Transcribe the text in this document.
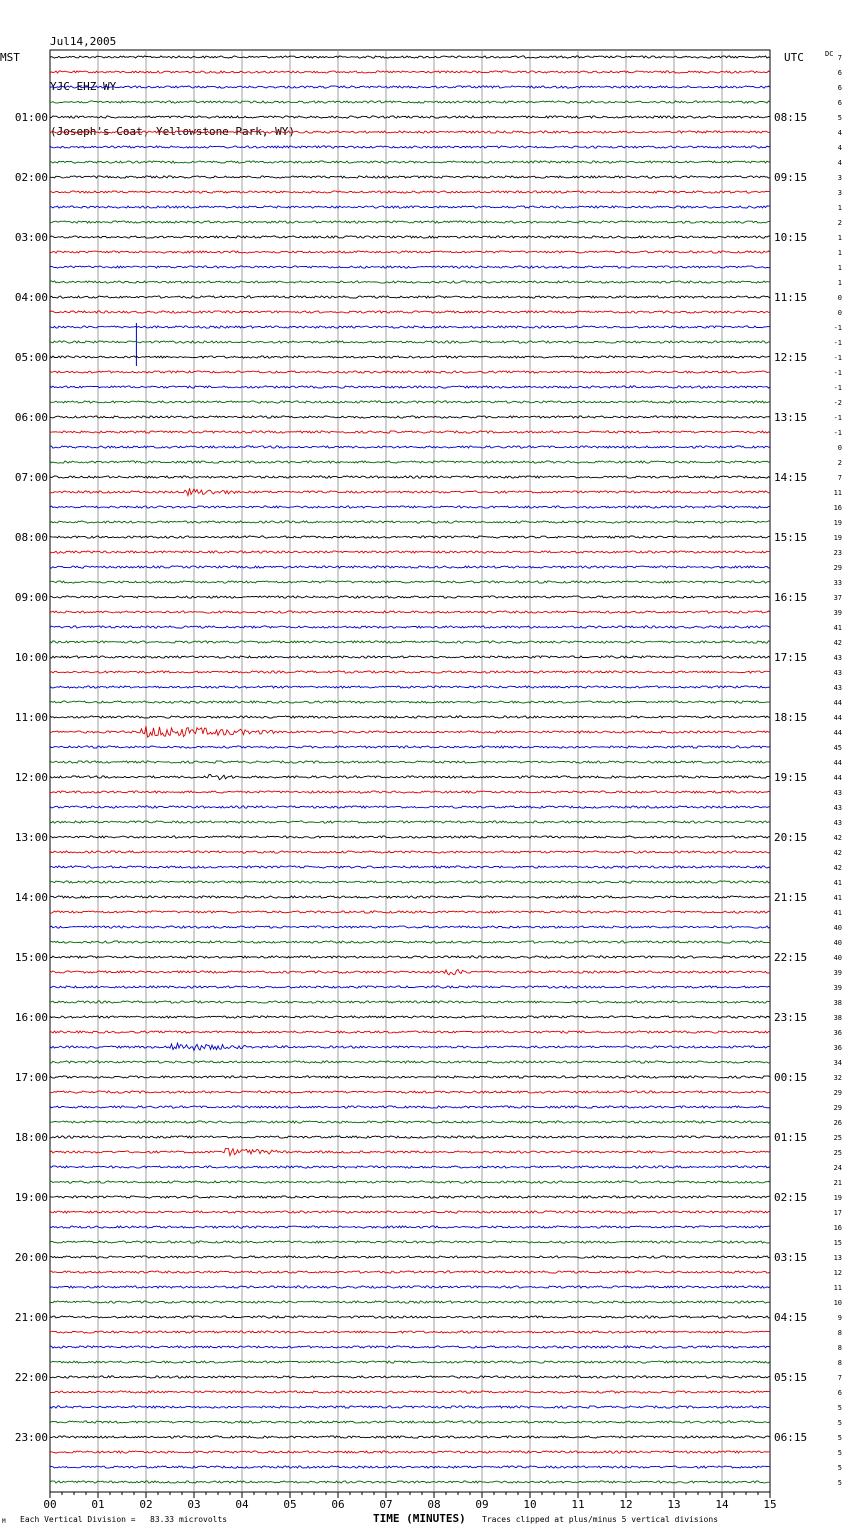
Jul14,2005

YJC EHZ WY

(Joseph's Coat, Yellowstone Park, WY)

00	01	02	03	04	05	06	07	08	09	10	11	12	13	14	15
7
6
6
6
5
4
4
4
3
3
1
2
1
1
1
1
0
0
-1
-1
-1
-1
-1
-2
-1
-1
0
2
7
11
16
19
19
23
29
33
37
39
41
42
43
43
43
44
44
44
45
44
44
43
43
43
42
42
42
41
41
41
40
40
40
39
39
38
38
36
36
34
32
29
29
26
25
25
24
21
19
17
16
15
13
12
11
10
9
8
8
8
7
6
5
5
5
5
5
5
01:00
02:00
03:00
04:00
05:00
06:00
07:00
08:00
09:00
10:00
11:00
12:00
13:00
14:00
15:00
16:00
17:00
18:00
19:00
20:00
21:00
22:00
23:00
08:15
09:15
10:15
11:15
12:15
13:15
14:15
15:15
16:15
17:15
18:15
19:15
20:15
21:15
22:15
23:15
00:15
01:15
02:15
03:15
04:15
05:15
06:15
MST	UTC	DC
Each Vertical Division =   83.33 microvolts
M	TIME (MINUTES) Traces clipped at plus/minus 5 vertical divisions
